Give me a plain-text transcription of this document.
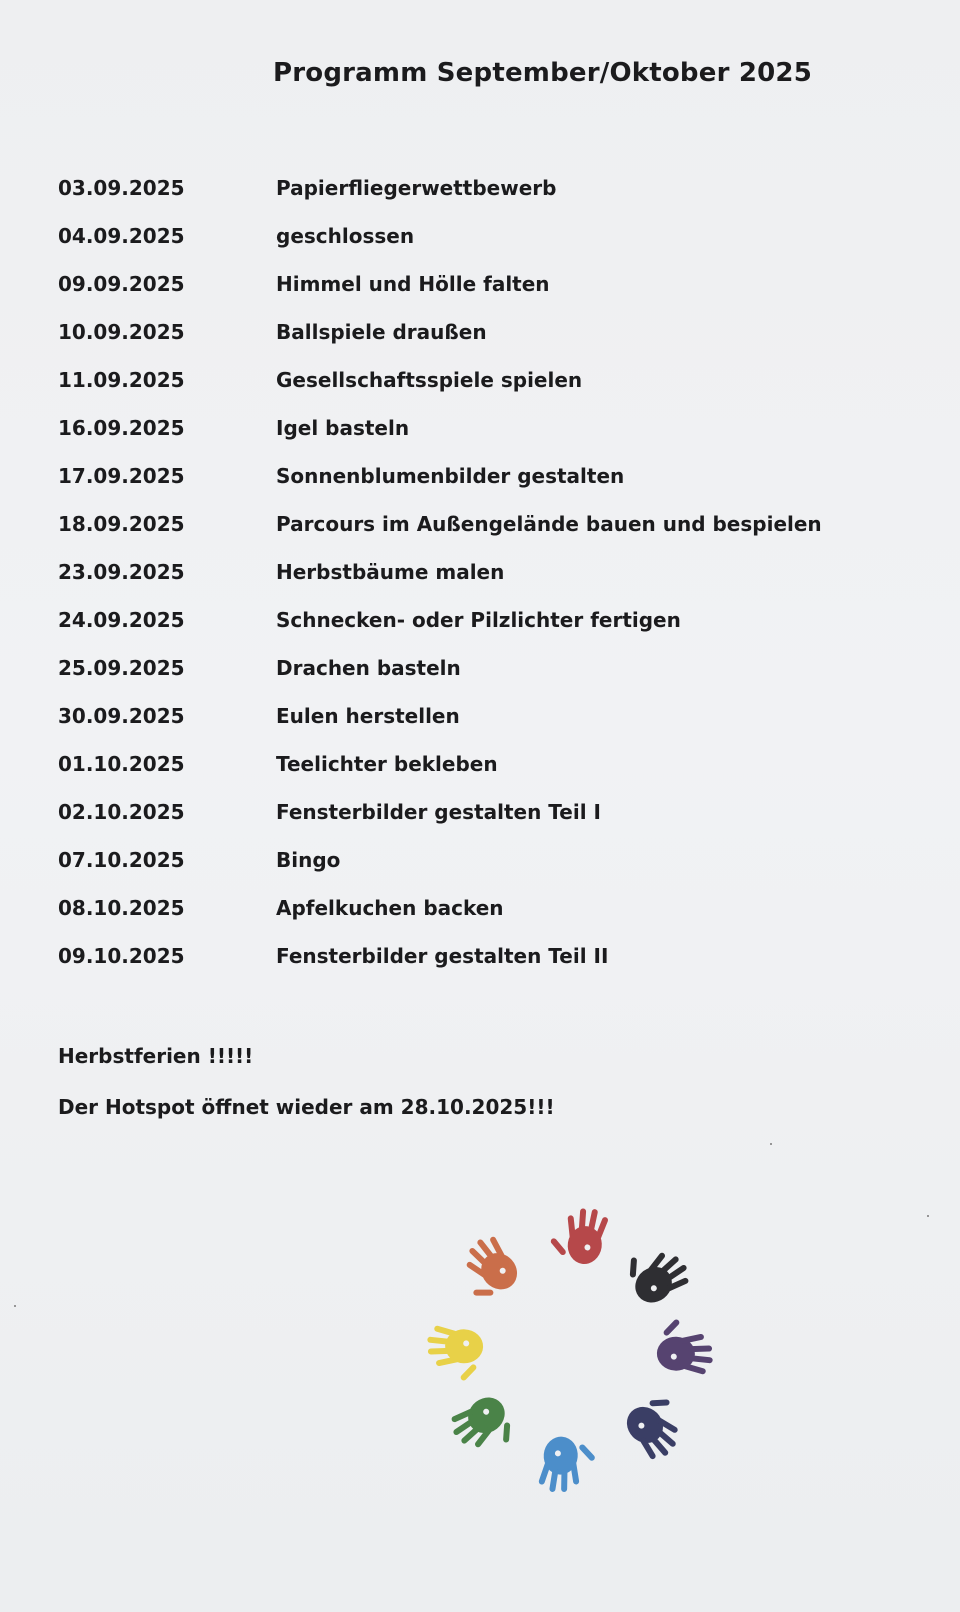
Programm September/Oktober 2025
03.09.2025	Papierfliegerwettbewerb
04.09.2025	geschlossen
09.09.2025	Himmel und Hölle falten
10.09.2025	Ballspiele draußen
11.09.2025	Gesellschaftsspiele spielen
16.09.2025	Igel basteln
17.09.2025	Sonnenblumenbilder gestalten
18.09.2025	Parcours im Außengelände bauen und bespielen
23.09.2025	Herbstbäume malen
24.09.2025	Schnecken- oder Pilzlichter fertigen
25.09.2025	Drachen basteln
30.09.2025	Eulen herstellen
01.10.2025	Teelichter bekleben
02.10.2025	Fensterbilder gestalten Teil I
07.10.2025	Bingo
08.10.2025	Apfelkuchen backen
09.10.2025	Fensterbilder gestalten Teil II
Herbstferien !!!!!
Der Hotspot öffnet wieder am 28.10.2025!!!
